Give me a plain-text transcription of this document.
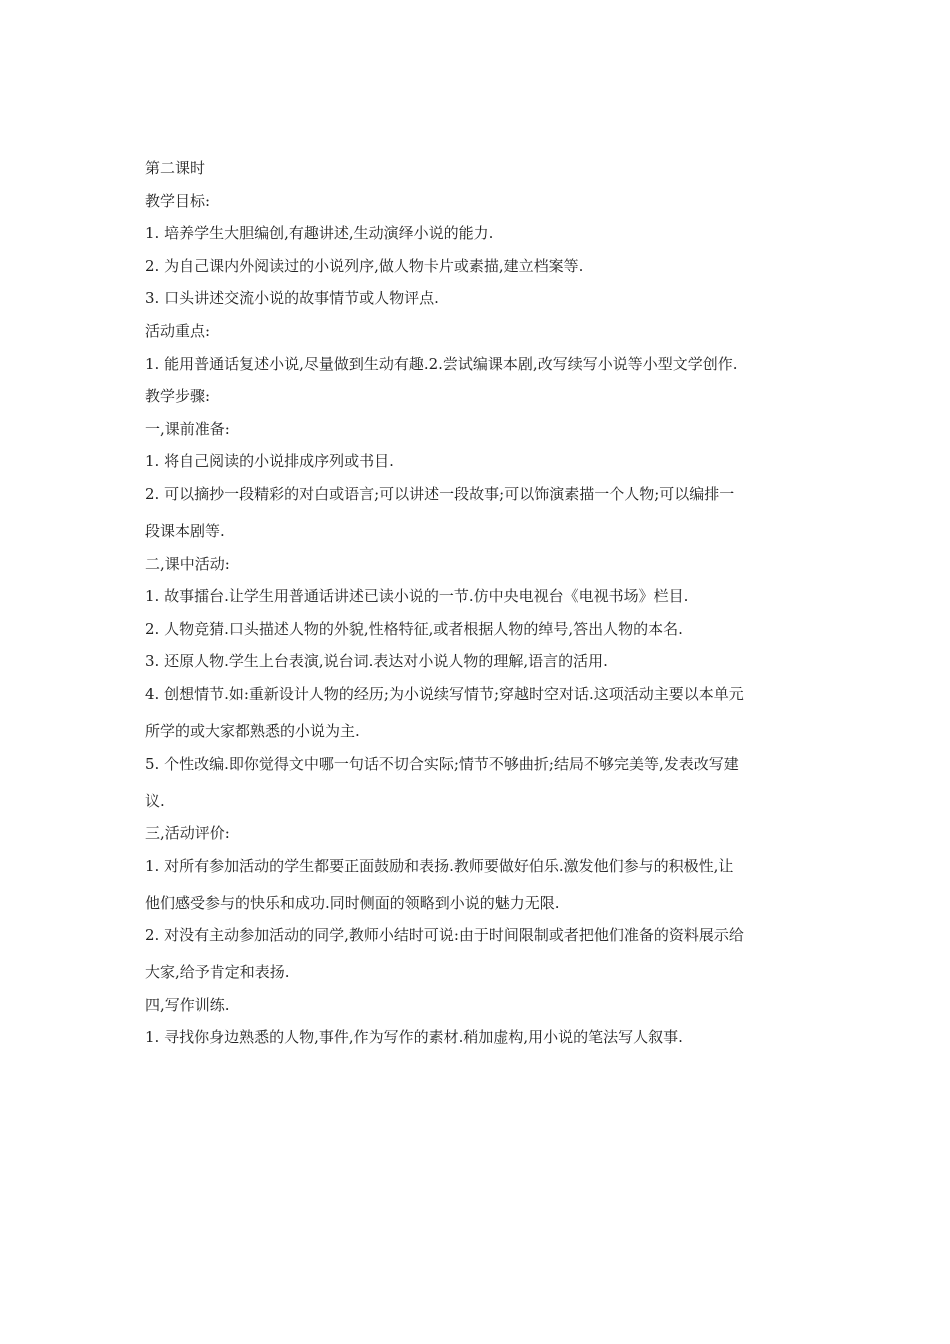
第二课时

教学目标:

1. 培养学生大胆编创,有趣讲述,生动演绎小说的能力.

2. 为自己课内外阅读过的小说列序,做人物卡片或素描,建立档案等.

3. 口头讲述交流小说的故事情节或人物评点.

活动重点:

1. 能用普通话复述小说,尽量做到生动有趣.2.尝试编课本剧,改写续写小说等小型文学创作.

教学步骤:

一,课前准备:

1. 将自己阅读的小说排成序列或书目.

2. 可以摘抄一段精彩的对白或语言;可以讲述一段故事;可以饰演素描一个人物;可以编排一

段课本剧等.

二,课中活动:

1. 故事擂台.让学生用普通话讲述已读小说的一节.仿中央电视台《电视书场》栏目.

2. 人物竞猜.口头描述人物的外貌,性格特征,或者根据人物的绰号,答出人物的本名.

3. 还原人物.学生上台表演,说台词.表达对小说人物的理解,语言的活用.

4. 创想情节.如:重新设计人物的经历;为小说续写情节;穿越时空对话.这项活动主要以本单元

所学的或大家都熟悉的小说为主.

5. 个性改编.即你觉得文中哪一句话不切合实际;情节不够曲折;结局不够完美等,发表改写建

议.

三,活动评价:

1. 对所有参加活动的学生都要正面鼓励和表扬.教师要做好伯乐.激发他们参与的积极性,让

他们感受参与的快乐和成功.同时侧面的领略到小说的魅力无限.

2. 对没有主动参加活动的同学,教师小结时可说:由于时间限制或者把他们准备的资料展示给

大家,给予肯定和表扬.

四,写作训练.

1. 寻找你身边熟悉的人物,事件,作为写作的素材.稍加虚构,用小说的笔法写人叙事.
